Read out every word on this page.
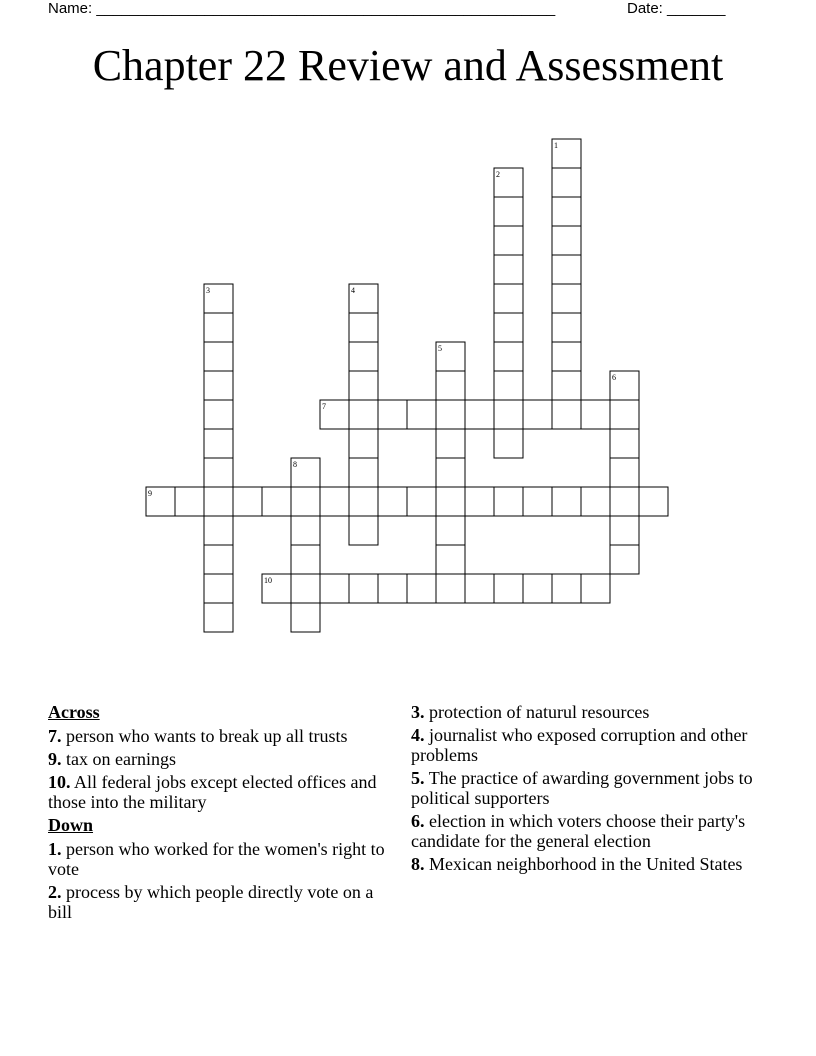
Name: _______________________________________________________	Date: _______
Chapter 22 Review and Assessment
1
2
3	4
5
6
7
8
9
10
Across
7. person who wants to break up all trusts
9. tax on earnings
10. All federal jobs except elected offices and those into the military
Down
1. person who worked for the women's right to vote
2. process by which people directly vote on a bill
3. protection of naturul resources
4. journalist who exposed corruption and other problems
5. The practice of awarding government jobs to political supporters
6. election in which voters choose their party's candidate for the general election
8. Mexican neighborhood in the United States
